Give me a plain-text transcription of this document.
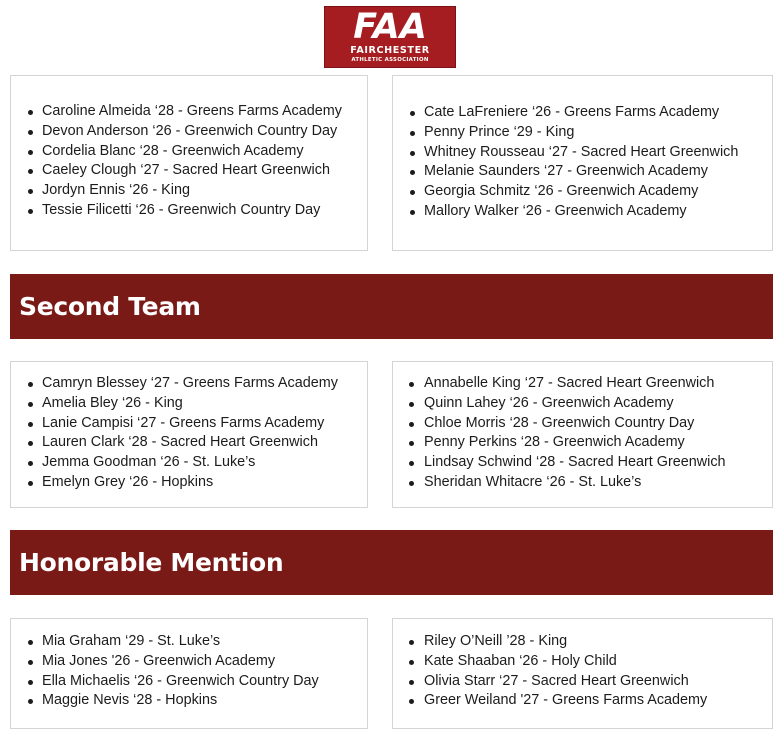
FAA
FAIRCHESTER
ATHLETIC ASSOCIATION
Caroline Almeida ‘28 - Greens Farms Academy
Devon Anderson ‘26 - Greenwich Country Day
Cordelia Blanc ‘28 - Greenwich Academy
Caeley Clough ‘27 - Sacred Heart Greenwich
Jordyn Ennis ‘26 - King
Tessie Filicetti ‘26 - Greenwich Country Day
Cate LaFreniere ‘26 - Greens Farms Academy
Penny Prince ‘29 - King
Whitney Rousseau ‘27 - Sacred Heart Greenwich
Melanie Saunders ‘27 - Greenwich Academy
Georgia Schmitz ‘26 - Greenwich Academy
Mallory Walker ‘26 - Greenwich Academy
Second Team
Camryn Blessey ‘27 - Greens Farms Academy
Amelia Bley ‘26 - King
Lanie Campisi ‘27 - Greens Farms Academy
Lauren Clark ‘28 - Sacred Heart Greenwich
Jemma Goodman ‘26 - St. Luke’s
Emelyn Grey ‘26 - Hopkins
Annabelle King ‘27 - Sacred Heart Greenwich
Quinn Lahey ‘26 - Greenwich Academy
Chloe Morris ‘28 - Greenwich Country Day
Penny Perkins ‘28 - Greenwich Academy
Lindsay Schwind ‘28 - Sacred Heart Greenwich
Sheridan Whitacre ‘26 - St. Luke’s
Honorable Mention
Mia Graham ‘29 - St. Luke’s
Mia Jones '26 - Greenwich Academy
Ella Michaelis ‘26 - Greenwich Country Day
Maggie Nevis ‘28 - Hopkins
Riley O’Neill ’28 - King
Kate Shaaban ‘26 - Holy Child
Olivia Starr ‘27 - Sacred Heart Greenwich
Greer Weiland '27 - Greens Farms Academy
